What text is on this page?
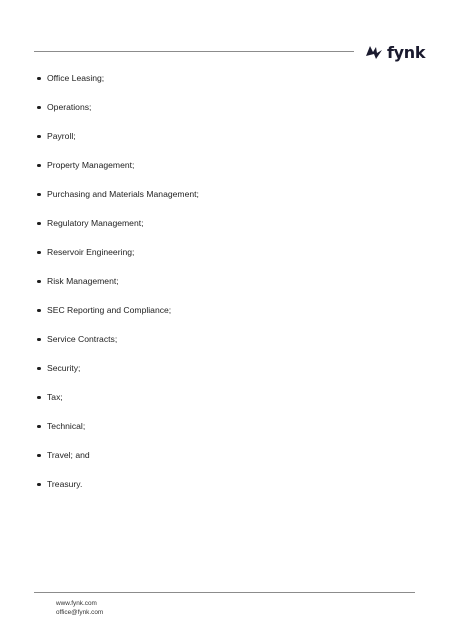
fynk
Office Leasing;
Operations;
Payroll;
Property Management;
Purchasing and Materials Management;
Regulatory Management;
Reservoir Engineering;
Risk Management;
SEC Reporting and Compliance;
Service Contracts;
Security;
Tax;
Technical;
Travel; and
Treasury.
www.fynk.com
office@fynk.com
